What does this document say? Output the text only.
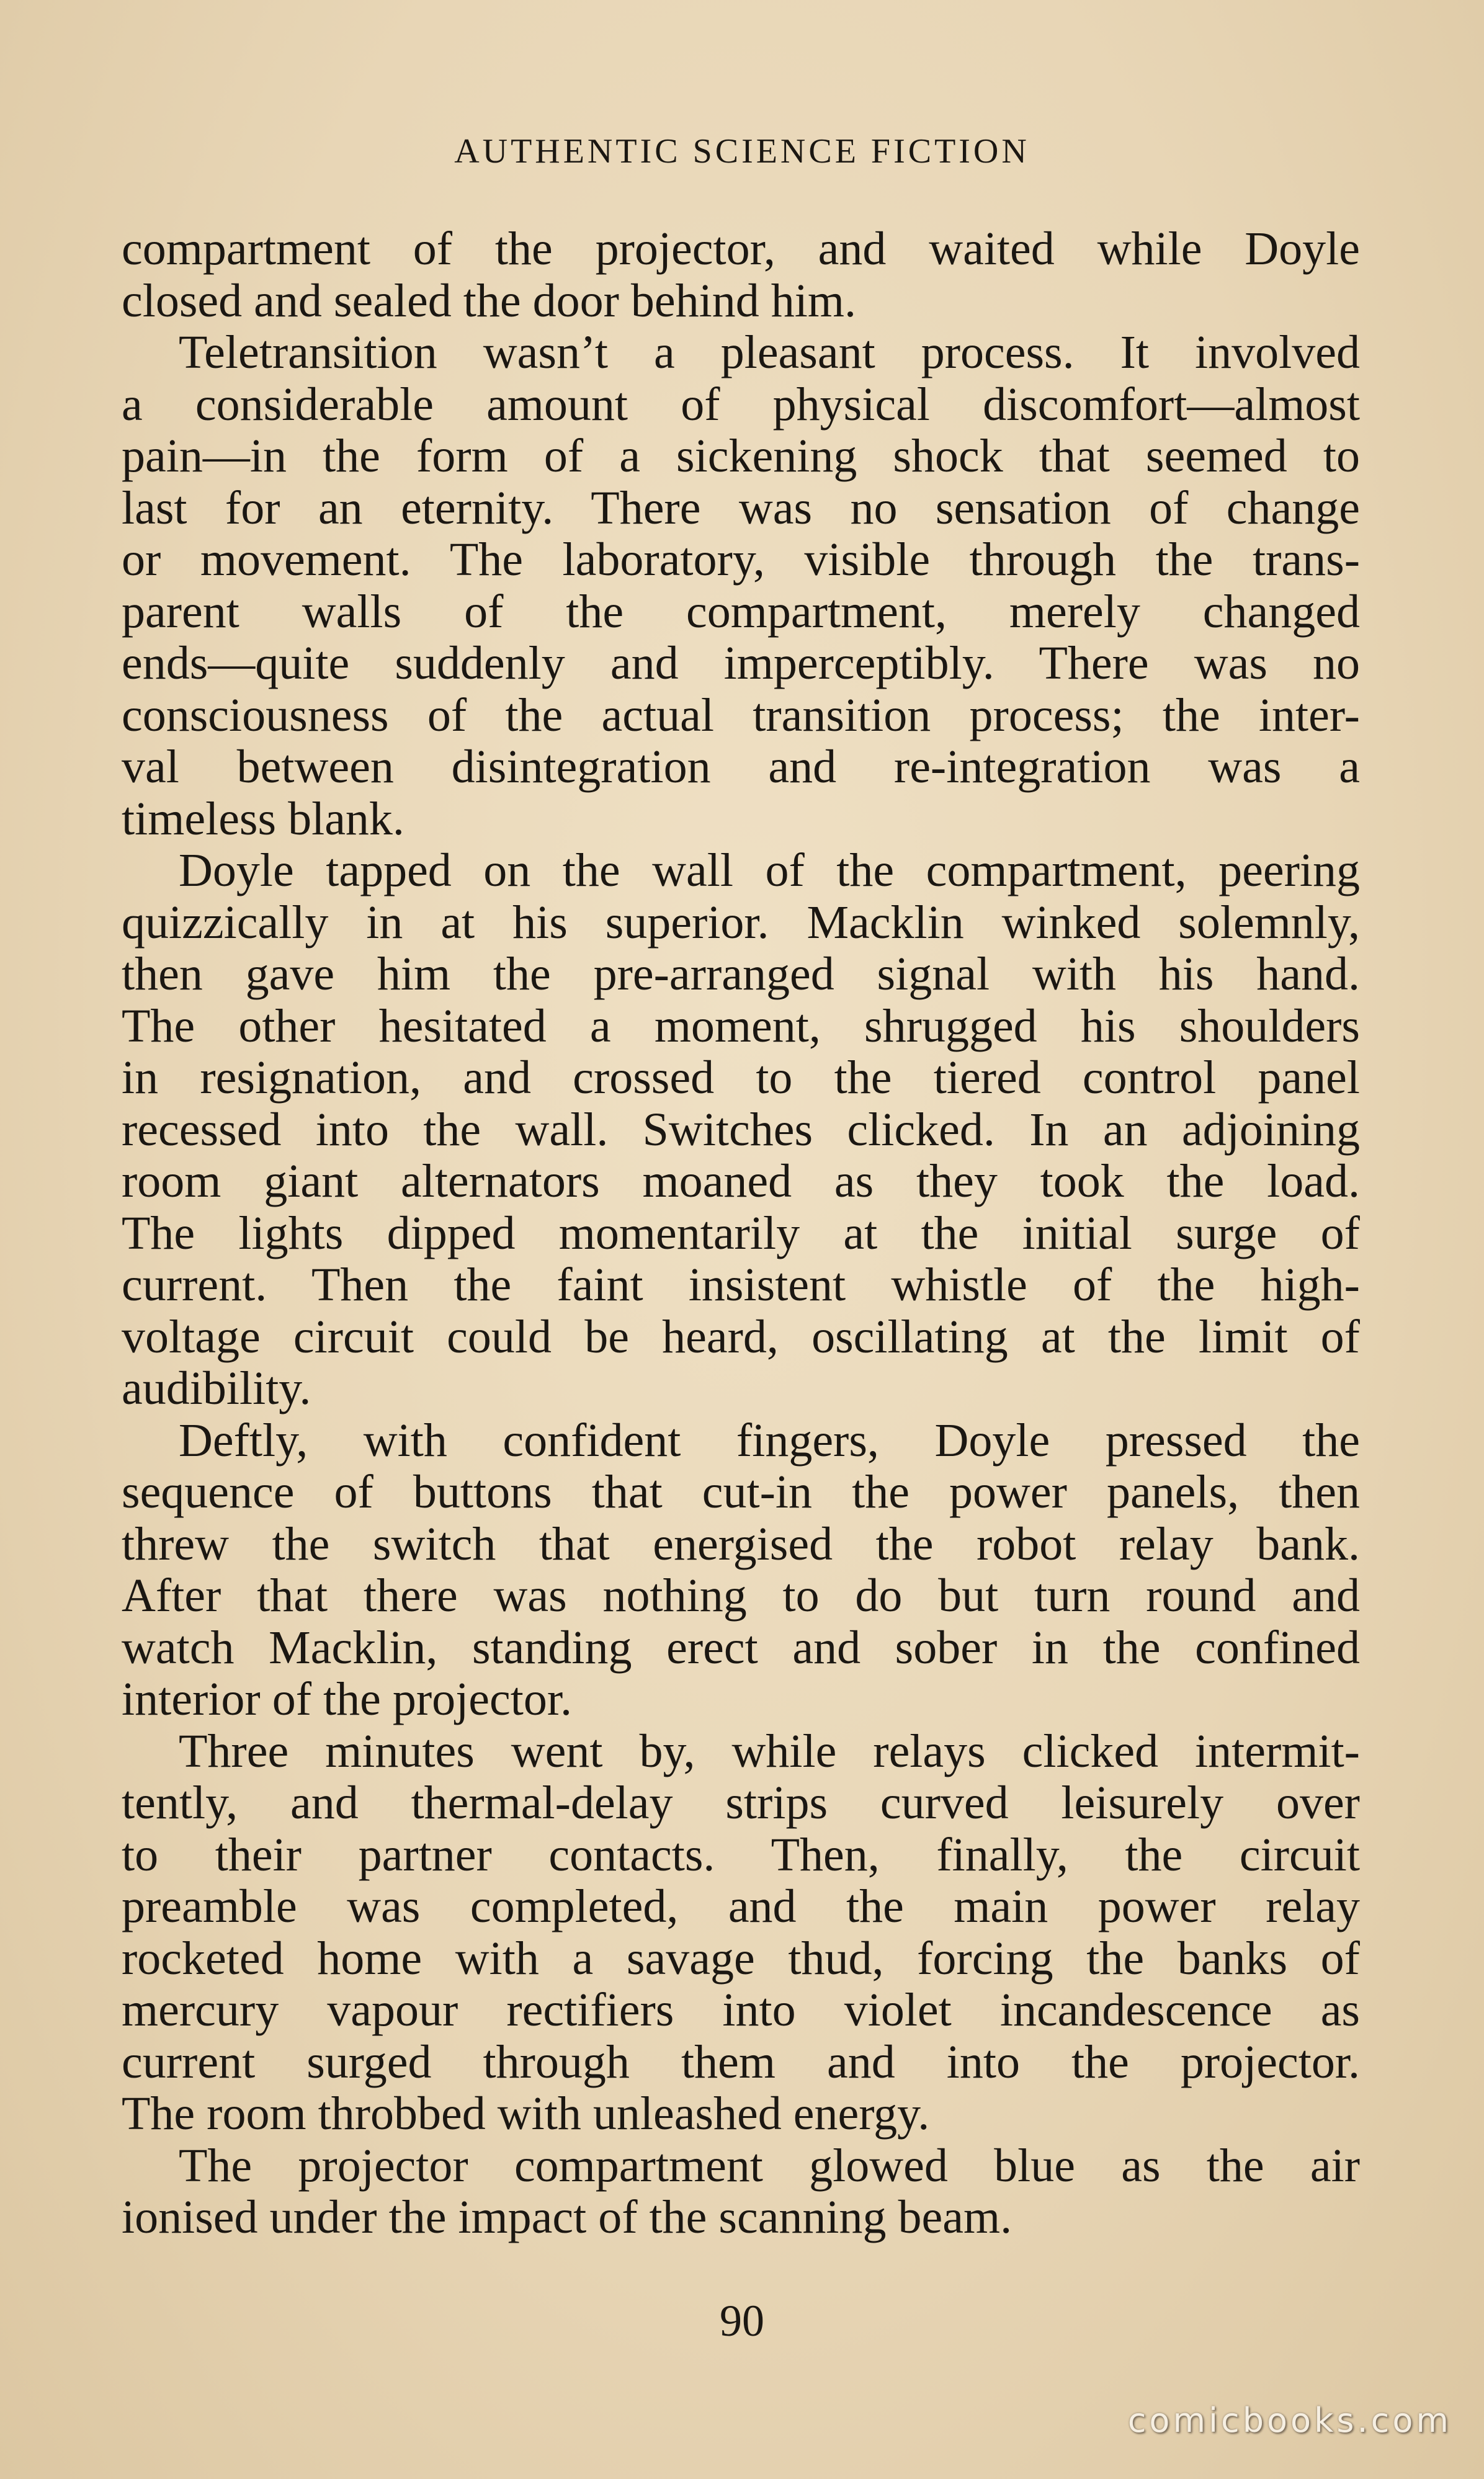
AUTHENTIC SCIENCE FICTION
compartment of the projector, and waited while Doyle
closed and sealed the door behind him.
Teletransition wasn’t a pleasant process. It involved
a considerable amount of physical discomfort—almost
pain—in the form of a sickening shock that seemed to
last for an eternity. There was no sensation of change
or movement. The laboratory, visible through the trans-
parent walls of the compartment, merely changed
ends—quite suddenly and imperceptibly. There was no
consciousness of the actual transition process; the inter-
val between disintegration and re-integration was a
timeless blank.
Doyle tapped on the wall of the compartment, peering
quizzically in at his superior. Macklin winked solemnly,
then gave him the pre-arranged signal with his hand.
The other hesitated a moment, shrugged his shoulders
in resignation, and crossed to the tiered control panel
recessed into the wall. Switches clicked. In an adjoining
room giant alternators moaned as they took the load.
The lights dipped momentarily at the initial surge of
current. Then the faint insistent whistle of the high-
voltage circuit could be heard, oscillating at the limit of
audibility.
Deftly, with confident fingers, Doyle pressed the
sequence of buttons that cut-in the power panels, then
threw the switch that energised the robot relay bank.
After that there was nothing to do but turn round and
watch Macklin, standing erect and sober in the confined
interior of the projector.
Three minutes went by, while relays clicked intermit-
tently, and thermal-delay strips curved leisurely over
to their partner contacts. Then, finally, the circuit
preamble was completed, and the main power relay
rocketed home with a savage thud, forcing the banks of
mercury vapour rectifiers into violet incandescence as
current surged through them and into the projector.
The room throbbed with unleashed energy.
The projector compartment glowed blue as the air
ionised under the impact of the scanning beam.
90
comicbooks.com
